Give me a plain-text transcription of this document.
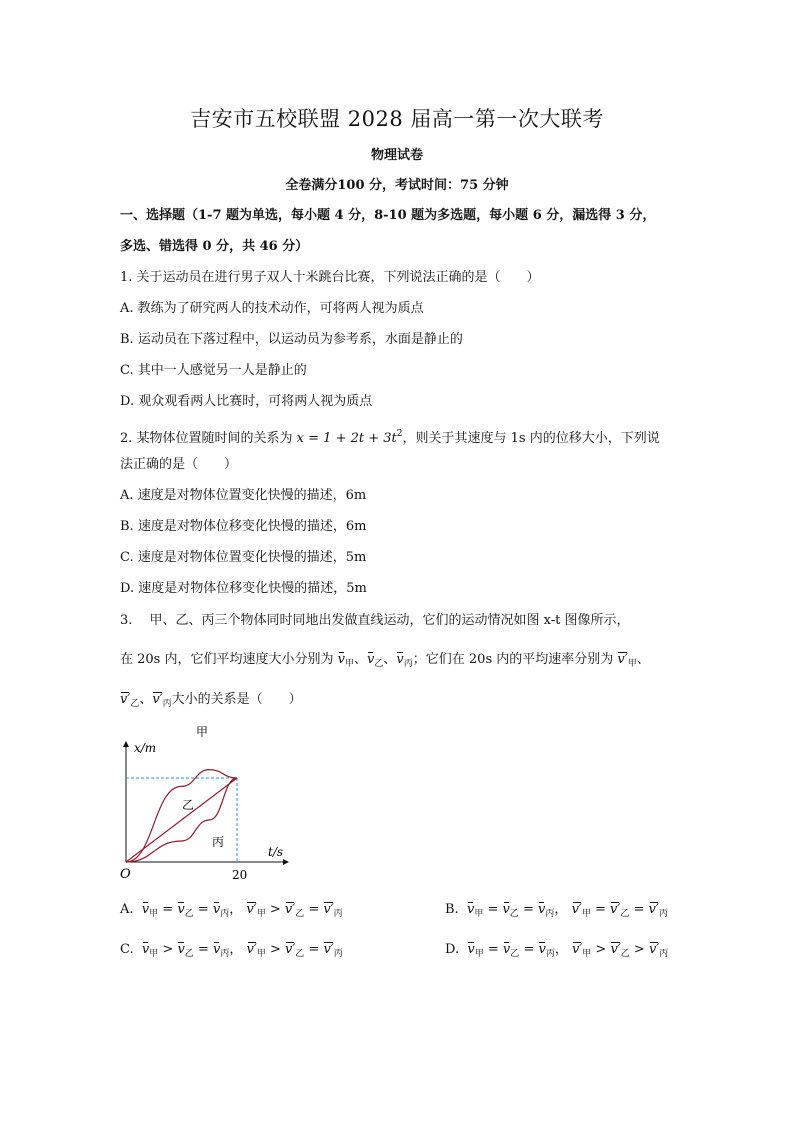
吉安市五校联盟 2028 届高一第一次大联考
物理试卷
全卷满分100 分，考试时间：75 分钟
一、选择题（1-7 题为单选，每小题 4 分，8-10 题为多选题，每小题 6 分，漏选得 3 分，
多选、错选得 0 分，共 46 分）
1. 关于运动员在进行男子双人十米跳台比赛，下列说法正确的是（　　）
A. 教练为了研究两人的技术动作，可将两人视为质点
B. 运动员在下落过程中，以运动员为参考系，水面是静止的
C. 其中一人感觉另一人是静止的
D. 观众观看两人比赛时，可将两人视为质点
2. 某物体位置随时间的关系为 $x = 1 + 2t + 3t^2$，则关于其速度与 1s 内的位移大小，下列说
法正确的是（　　）
A. 速度是对物体位置变化快慢的描述，6m
B. 速度是对物体位移变化快慢的描述，6m
C. 速度是对物体位置变化快慢的描述，5m
D. 速度是对物体位移变化快慢的描述，5m
3.　 甲、乙、丙三个物体同时同地出发做直线运动，它们的运动情况如图 x-t 图像所示，
在 20s 内，它们平均速度大小分别为 $v_甲$、$v_乙$、$v_丙$；它们在 20s 内的平均速率分别为 $v'_甲$、
$v'_乙$、$v'_丙$大小的关系是（　　）
x/m
t/s
O	20
甲
乙
丙
A. $v_甲 = v_乙 = v_丙$， $v'_甲 > v'_乙 = v'_丙$	B. $v_甲 = v_乙 = v_丙$， $v'_甲 = v'_乙 = v'_丙$
C. $v_甲 > v_乙 = v_丙$， $v'_甲 > v'_乙 = v'_丙$	D. $v_甲 = v_乙 = v_丙$， $v'_甲 > v'_乙 > v'_丙$
